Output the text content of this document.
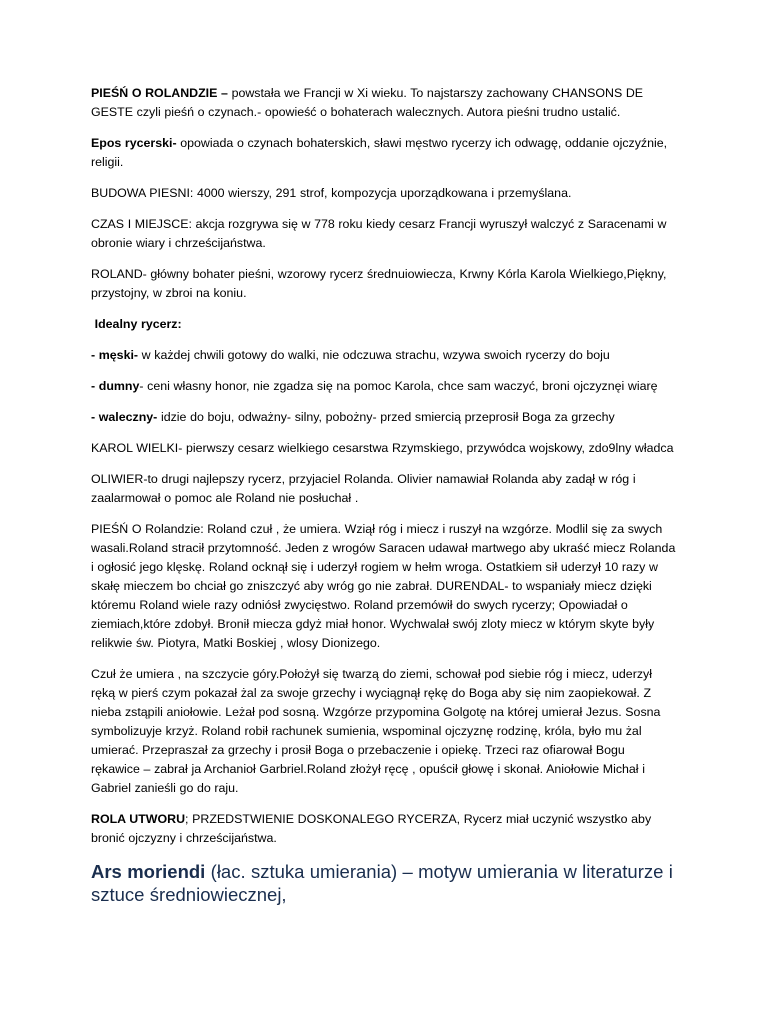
PIEŚŃ O ROLANDZIE – powstała we Francji w Xi wieku. To najstarszy zachowany CHANSONS DE GESTE czyli pieśń o czynach.- opowieść o bohaterach walecznych. Autora pieśni trudno ustalić.

Epos rycerski- opowiada o czynach bohaterskich, sławi męstwo rycerzy ich odwagę, oddanie ojczyźnie, religii.

BUDOWA PIESNI: 4000 wierszy, 291 strof, kompozycja uporządkowana i przemyślana.

CZAS I MIEJSCE: akcja rozgrywa się w 778 roku kiedy cesarz Francji wyruszył walczyć z Saracenami w obronie wiary i chrześcijaństwa.

ROLAND- główny bohater pieśni, wzorowy rycerz średnuiowiecza, Krwny Kórla Karola Wielkiego,Piękny, przystojny, w zbroi na koniu.

Idealny rycerz:

- męski- w każdej chwili gotowy do walki, nie odczuwa strachu, wzywa swoich rycerzy do boju

- dumny- ceni własny honor, nie zgadza się na pomoc Karola, chce sam waczyć, broni ojczyznęi wiarę

- waleczny- idzie do boju, odważny- silny, pobożny- przed smiercią przeprosił Boga za grzechy

KAROL WIELKI- pierwszy cesarz wielkiego cesarstwa Rzymskiego, przywódca wojskowy, zdo9lny władca

OLIWIER-to drugi najlepszy rycerz, przyjaciel Rolanda. Olivier namawiał Rolanda aby zadął w róg i zaalarmował o pomoc ale Roland nie posłuchał .

PIEŚŃ O Rolandzie: Roland czuł , że umiera. Wziął róg i miecz i ruszył na wzgórze. Modlil się za swych wasali.Roland stracił przytomność. Jeden z wrogów Saracen udawał martwego aby ukraść miecz Rolanda i ogłosić jego klęskę. Roland ocknął się i uderzył rogiem w hełm wroga. Ostatkiem sił uderzył 10 razy w skałę mieczem bo chciał go zniszczyć aby wróg go nie zabrał. DURENDAL- to wspaniały miecz dzięki któremu Roland wiele razy odniósł zwycięstwo. Roland przemówił do swych rycerzy; Opowiadał o ziemiach,które zdobył. Bronił miecza gdyż miał honor. Wychwalał swój zloty miecz w którym skyte były relikwie św. Piotyra, Matki Boskiej , wlosy Dionizego.

Czuł że umiera , na szczycie góry.Położył się twarzą do ziemi, schował pod siebie róg i miecz, uderzył ręką w pierś czym pokazał żal za swoje grzechy i wyciągnął rękę do Boga aby się nim zaopiekował. Z nieba zstąpili aniołowie. Leżał pod sosną. Wzgórze przypomina Golgotę na której umierał Jezus. Sosna symbolizuyje krzyż. Roland robił rachunek sumienia, wspominal ojczyznę rodzinę, króla, było mu żal umierać. Przepraszał za grzechy i prosił Boga o przebaczenie i opiekę. Trzeci raz ofiarował Bogu rękawice – zabrał ja Archanioł Garbriel.Roland złożył ręcę , opuścił głowę i skonał. Aniołowie Michał i Gabriel zanieśli go do raju.

ROLA UTWORU; PRZEDSTWIENIE DOSKONALEGO RYCERZA, Rycerz miał uczynić wszystko aby bronić ojczyzny i chrześcijaństwa.

Ars moriendi (łac. sztuka umierania) – motyw umierania w literaturze i sztuce średniowiecznej,
